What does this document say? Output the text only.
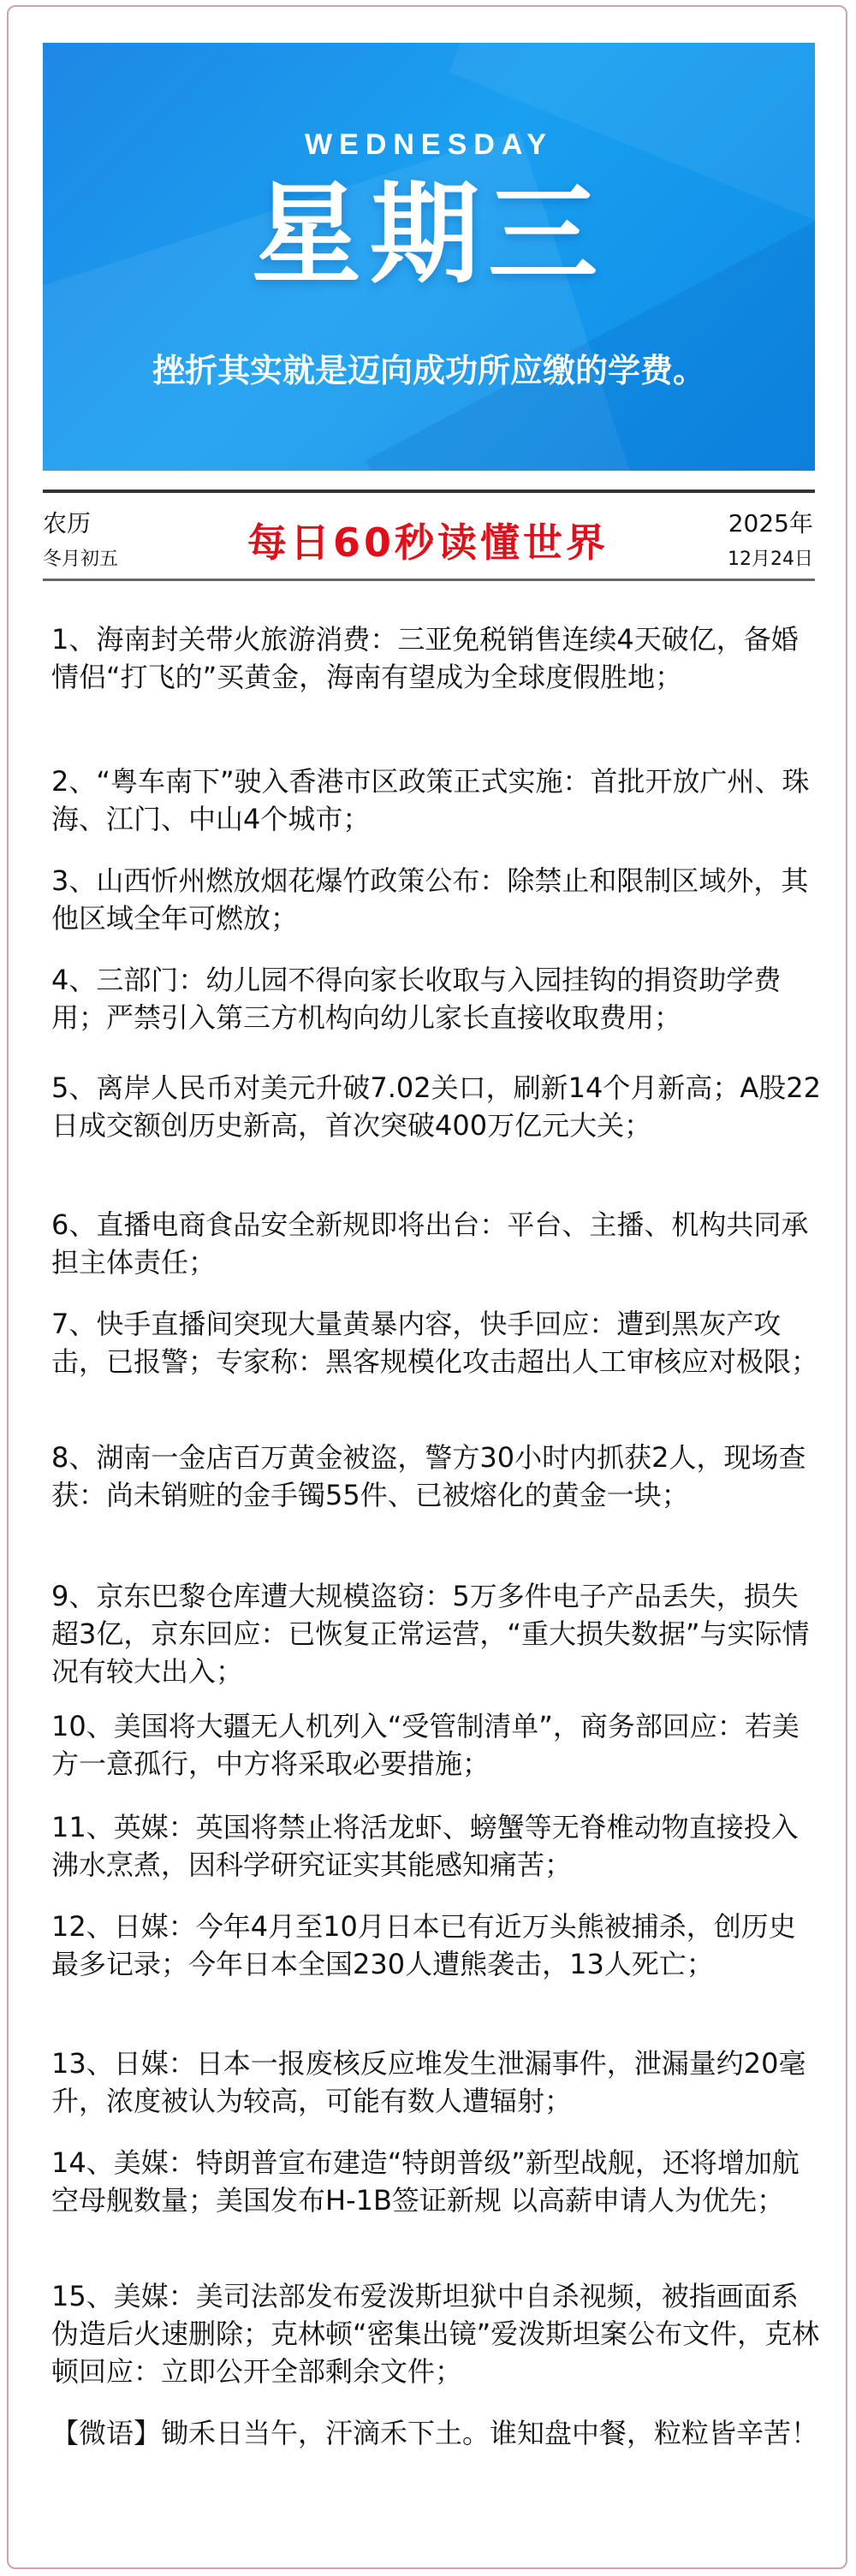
WEDNESDAY
星期三
挫折其实就是迈向成功所应缴的学费。
农历
冬月初五	每日60秒读懂世界	2025年
12月24日

1、海南封关带火旅游消费：三亚免税销售连续4天破亿，备婚情侣“打飞的”买黄金，海南有望成为全球度假胜地；

2、“粤车南下”驶入香港市区政策正式实施：首批开放广州、珠海、江门、中山4个城市；

3、山西忻州燃放烟花爆竹政策公布：除禁止和限制区域外，其他区域全年可燃放；

4、三部门：幼儿园不得向家长收取与入园挂钩的捐资助学费用；严禁引入第三方机构向幼儿家长直接收取费用；

5、离岸人民币对美元升破7.02关口，刷新14个月新高；A股22日成交额创历史新高，首次突破400万亿元大关；

6、直播电商食品安全新规即将出台：平台、主播、机构共同承担主体责任；

7、快手直播间突现大量黄暴内容，快手回应：遭到黑灰产攻击，已报警；专家称：黑客规模化攻击超出人工审核应对极限；

8、湖南一金店百万黄金被盗，警方30小时内抓获2人，现场查获：尚未销赃的金手镯55件、已被熔化的黄金一块；

9、京东巴黎仓库遭大规模盗窃：5万多件电子产品丢失，损失超3亿，京东回应：已恢复正常运营，“重大损失数据”与实际情况有较大出入；

10、美国将大疆无人机列入“受管制清单”，商务部回应：若美方一意孤行，中方将采取必要措施；

11、英媒：英国将禁止将活龙虾、螃蟹等无脊椎动物直接投入沸水烹煮，因科学研究证实其能感知痛苦；

12、日媒：今年4月至10月日本已有近万头熊被捕杀，创历史最多记录；今年日本全国230人遭熊袭击，13人死亡；

13、日媒：日本一报废核反应堆发生泄漏事件，泄漏量约20毫升，浓度被认为较高，可能有数人遭辐射；

14、美媒：特朗普宣布建造“特朗普级”新型战舰，还将增加航空母舰数量；美国发布H-1B签证新规 以高薪申请人为优先；

15、美媒：美司法部发布爱泼斯坦狱中自杀视频，被指画面系伪造后火速删除；克林顿“密集出镜”爱泼斯坦案公布文件，克林顿回应：立即公开全部剩余文件；

【微语】锄禾日当午，汗滴禾下土。谁知盘中餐，粒粒皆辛苦！
